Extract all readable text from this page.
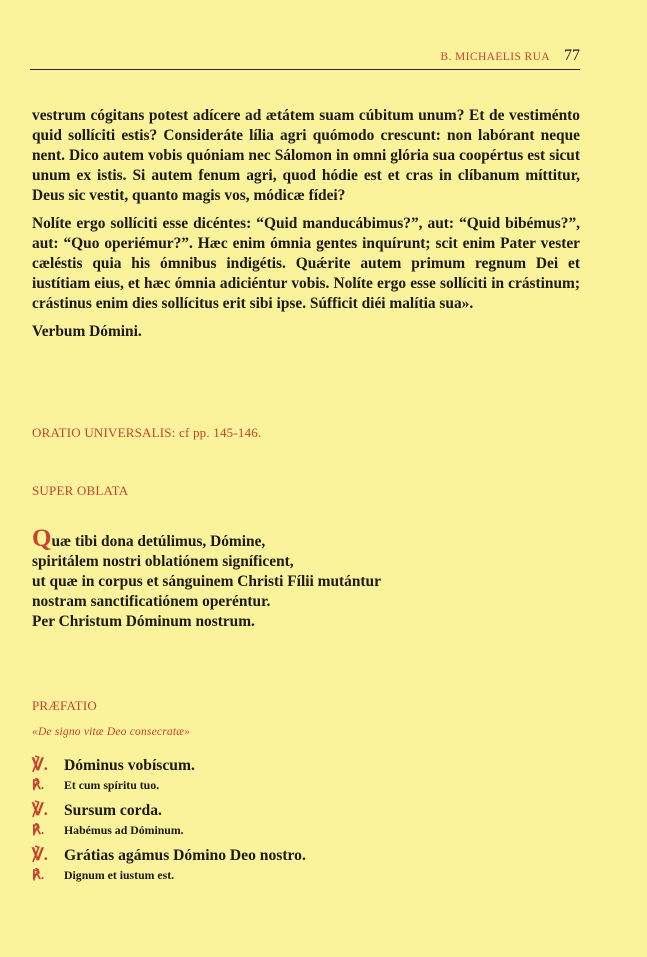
B. MICHAELIS RUA 77

vestrum cógitans potest adícere ad ætátem suam cúbitum unum? Et de vestiménto quid sollíciti estis? Consideráte lília agri quómodo crescunt: non labórant neque nent. Dico autem vobis quóniam nec Sálomon in omni glória sua coopértus est sicut unum ex istis. Si autem fenum agri, quod hódie est et cras in clíbanum míttitur, Deus sic vestit, quanto magis vos, módicæ fídei?

Nolíte ergo sollíciti esse dicéntes: “Quid manducábimus?”, aut: “Quid bibémus?”, aut: “Quo operiémur?”. Hæc enim ómnia gentes inquírunt; scit enim Pater vester cæléstis quia his ómnibus indigétis. Quǽrite autem primum regnum Dei et iustítiam eius, et hæc ómnia adiciéntur vobis. Nolíte ergo esse sollíciti in crástinum; crástinus enim dies sollícitus erit sibi ipse. Súfficit diéi malítia sua».

Verbum Dómini.

ORATIO UNIVERSALIS: cf pp. 145-146.
SUPER OBLATA
Quæ tibi dona detúlimus, Dómine,
spiritálem nostri oblatiónem signíficent,
ut quæ in corpus et sánguinem Christi Fílii mutántur
nostram sanctificatiónem operéntur.
Per Christum Dóminum nostrum.
PRÆFATIO
«De signo vitæ Deo consecratæ»
℣.	Dóminus vobíscum.
℟.	Et cum spíritu tuo.
℣.	Sursum corda.
℟.	Habémus ad Dóminum.
℣.	Grátias agámus Dómino Deo nostro.
℟.	Dignum et iustum est.
